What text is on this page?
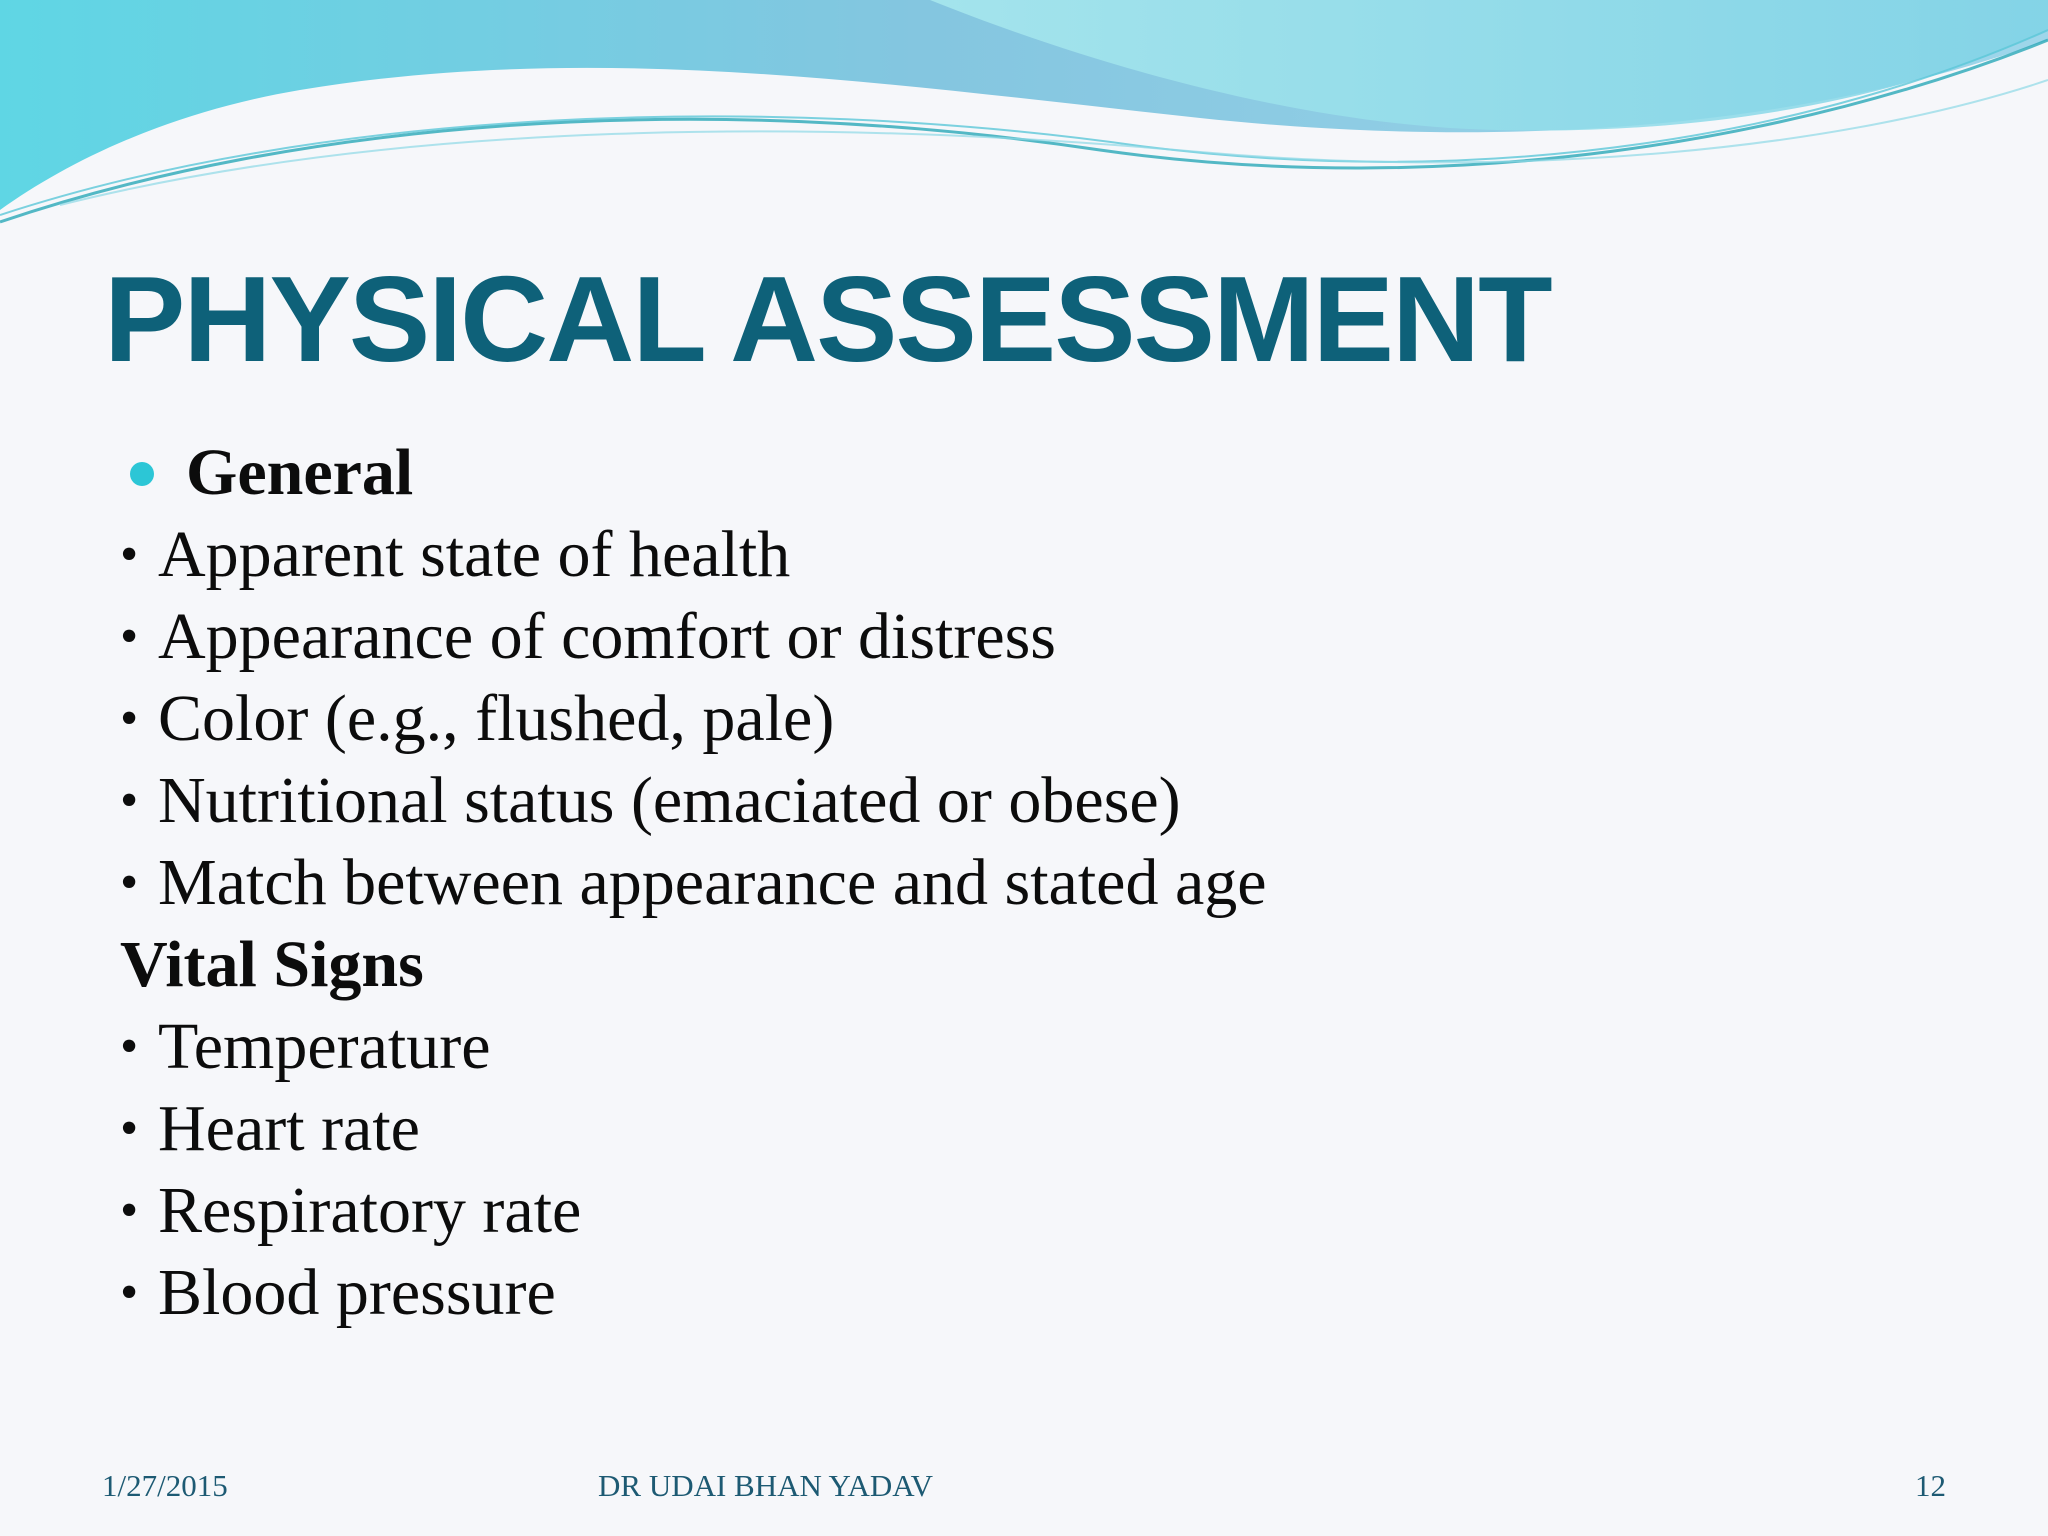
PHYSICAL ASSESSMENT
General
• Apparent state of health
• Appearance of comfort or distress
• Color (e.g., flushed, pale)
• Nutritional status (emaciated or obese)
• Match between appearance and stated age
Vital Signs
• Temperature
• Heart rate
• Respiratory rate
• Blood pressure
1/27/2015	DR UDAI BHAN YADAV	12
